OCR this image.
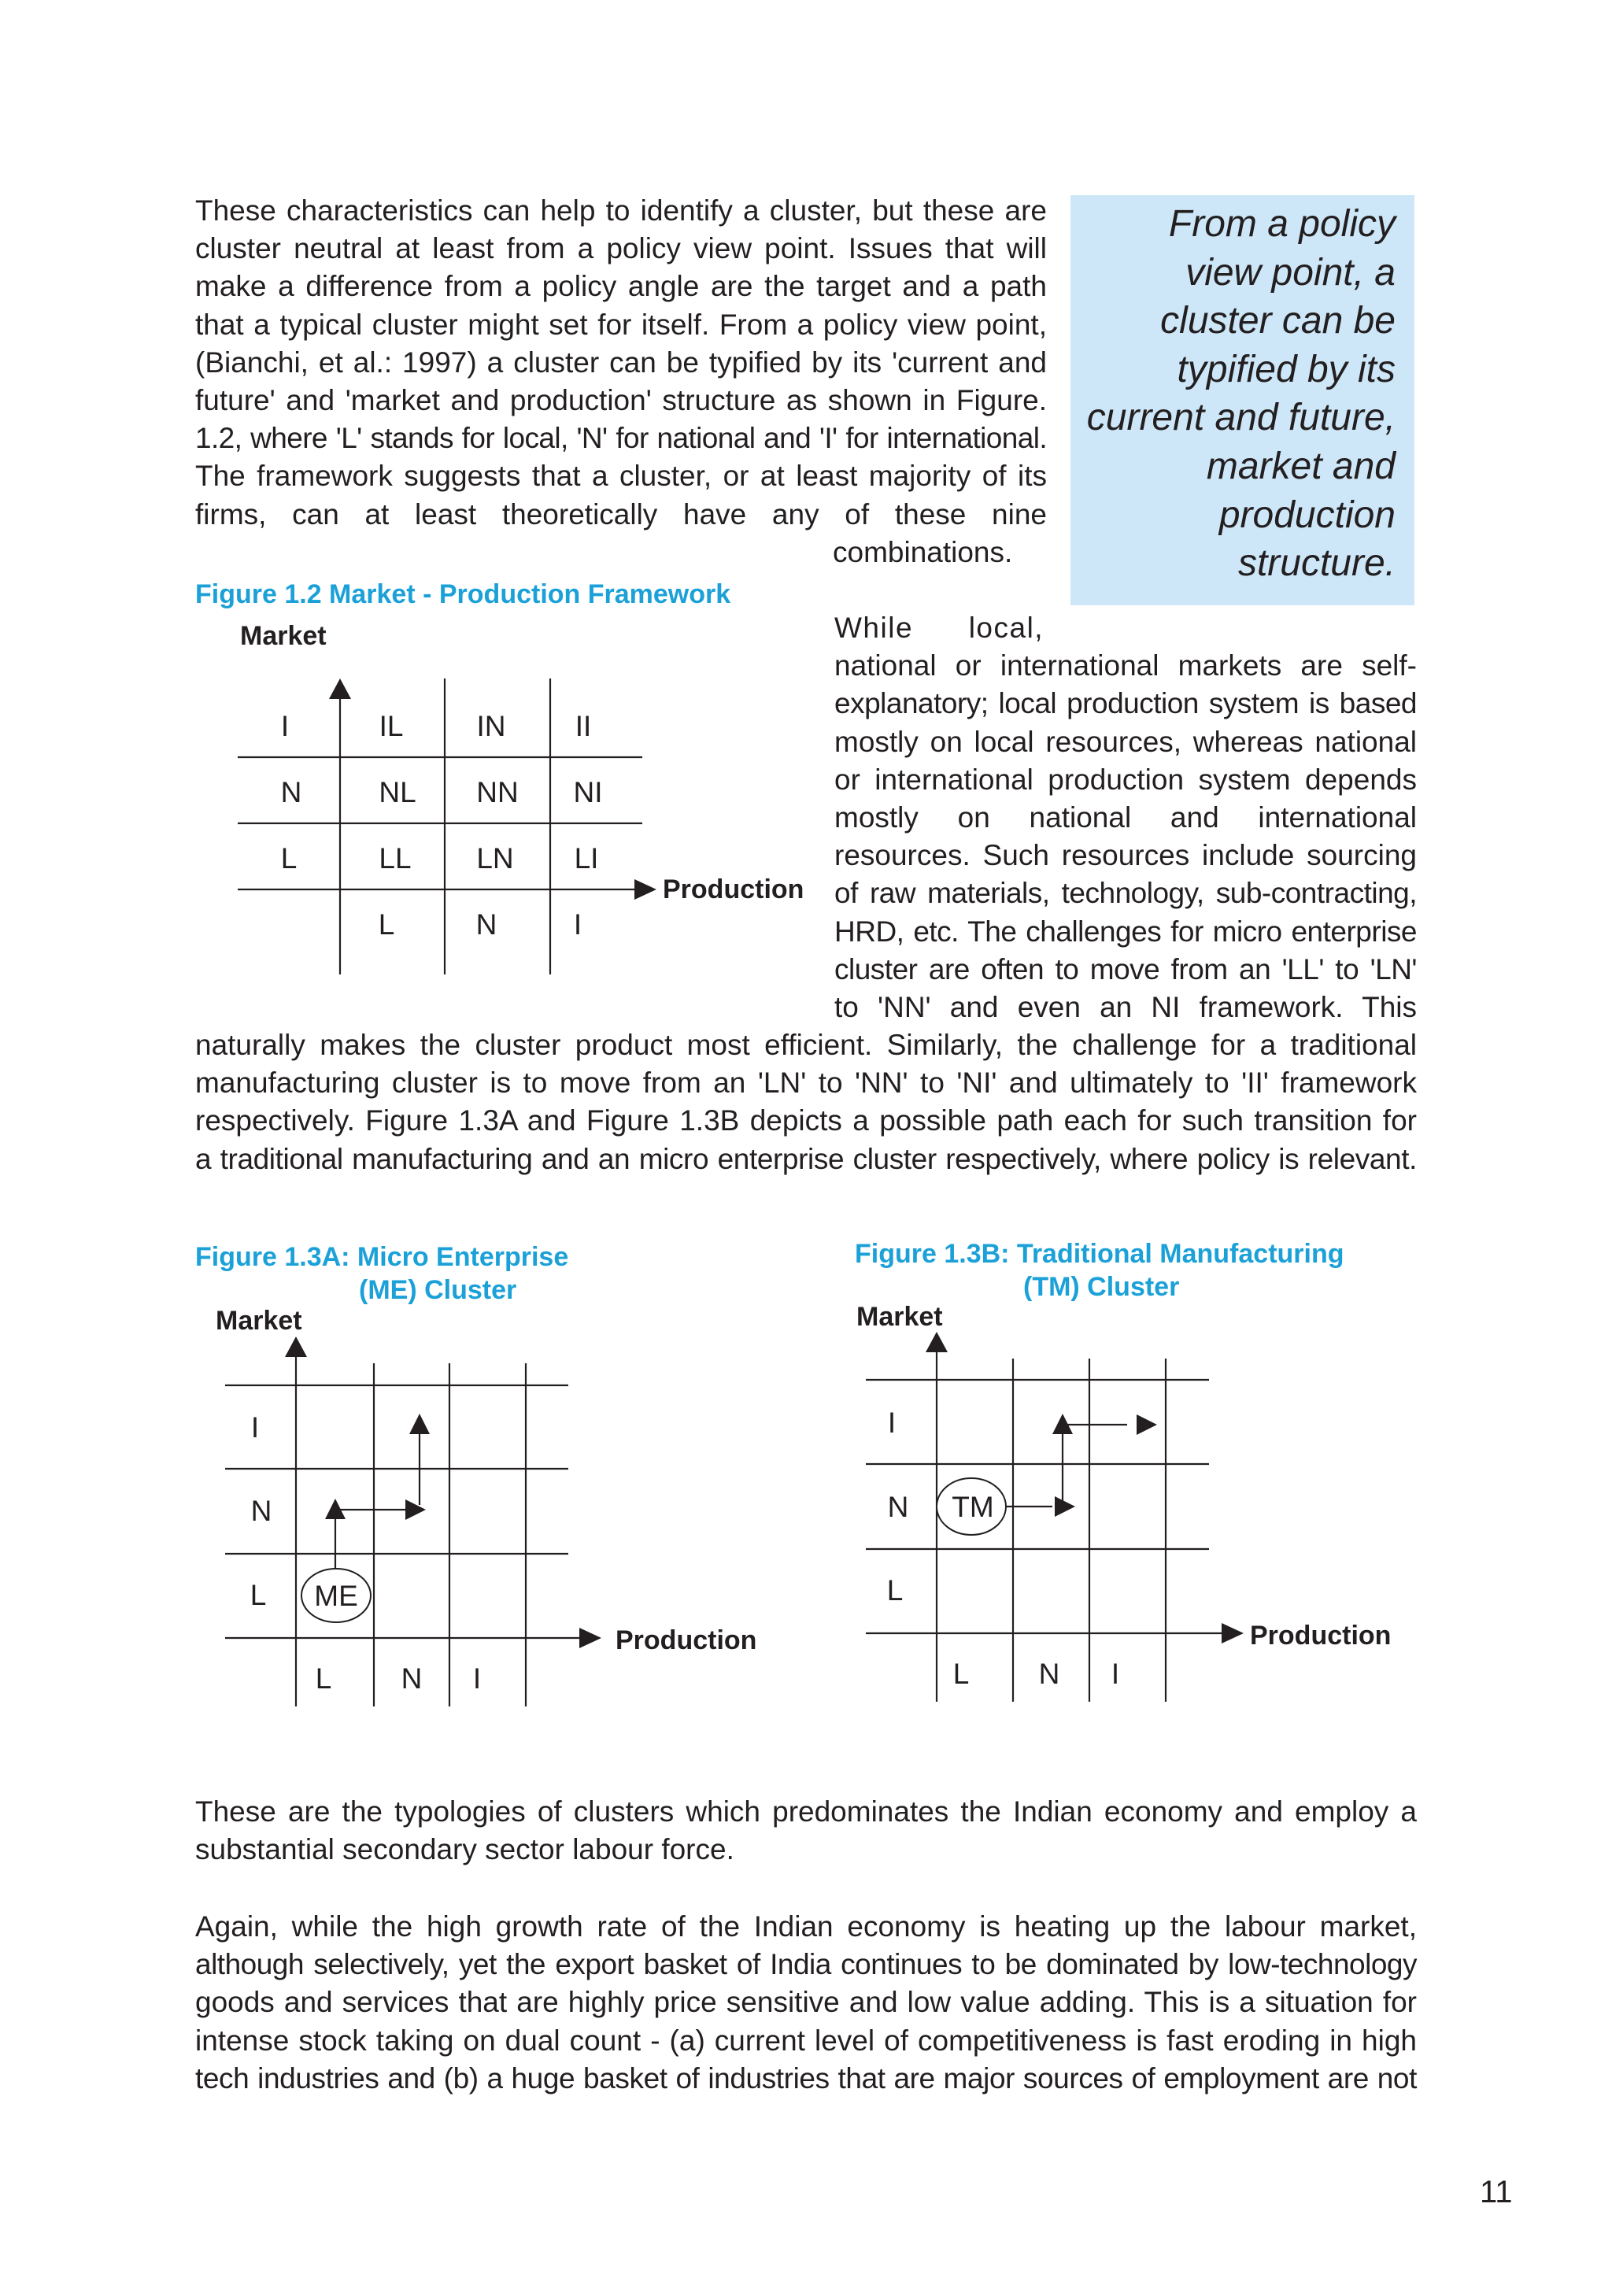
These characteristics can help to identify a cluster, but these are
cluster neutral at least from a policy view point. Issues that will
make a difference from a policy angle are the target and a path
that a typical cluster might set for itself. From a policy view point,
(Bianchi, et al.: 1997) a cluster can be typified by its 'current and
future' and 'market and production' structure as shown in Figure.
1.2, where 'L' stands for local, 'N' for national and 'I' for international.
The framework suggests that a cluster, or at least majority of its
firms, can at least theoretically have any of these nine
combinations.
From a policy
view point, a
cluster can be
typified by its
current and future,
market and
production
structure.
Figure 1.2 Market - Production Framework
Market
Production
I	IL	IN II
N	NL NN NI
L	LL LN LI
L	N	I
While      local,
national or international markets are self-
explanatory; local production system is based
mostly on local resources, whereas national
or international production system depends
mostly on national and international
resources. Such resources include sourcing
of raw materials, technology, sub-contracting,
HRD, etc. The challenges for micro enterprise
cluster are often to move from an 'LL' to 'LN'
to 'NN' and even an NI framework. This
naturally makes the cluster product most efficient. Similarly, the challenge for a traditional
manufacturing cluster is to move from an 'LN' to 'NN' to 'NI' and ultimately to 'II' framework
respectively. Figure 1.3A and Figure 1.3B depicts a possible path each for such transition for
a traditional manufacturing and an micro enterprise cluster respectively, where policy is relevant.
Figure 1.3A: Micro Enterprise
(ME) Cluster
Market
Production
I
N
L
L N I
ME
Figure 1.3B: Traditional Manufacturing
(TM) Cluster
Market
Production
I
N
L
L N I
TM
These are the typologies of clusters which predominates the Indian economy and employ a
substantial secondary sector labour force.
Again, while the high growth rate of the Indian economy is heating up the labour market,
although selectively, yet the export basket of India continues to be dominated by low-technology
goods and services that are highly price sensitive and low value adding. This is a situation for
intense stock taking on dual count - (a) current level of competitiveness is fast eroding in high
tech industries and (b) a huge basket of industries that are major sources of employment are not
11
